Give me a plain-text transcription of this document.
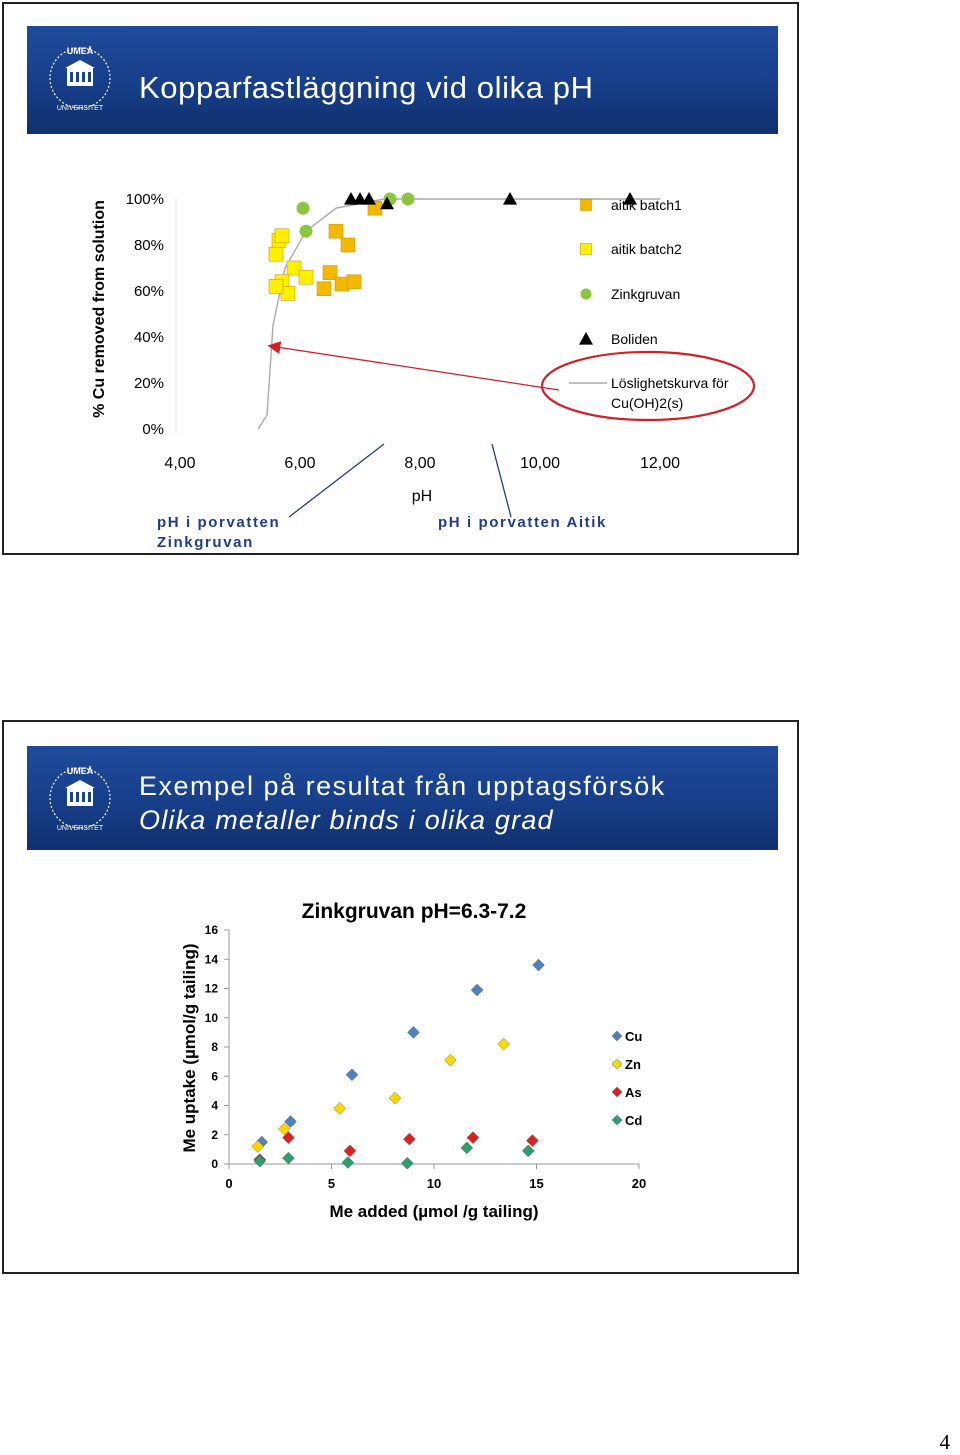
UMEÅ
UNIVERSITET
Kopparfastläggning vid olika pH
% Cu removed from solution
0%
20%
40%
60%
80%
100%
4,00	6,00	8,00	10,00	12,00
pH
aitik batch1
aitik batch2
Zinkgruvan
Boliden
Löslighetskurva för
Cu(OH)2(s)
pH i porvatten
Zinkgruvan
pH i porvatten Aitik
UMEÅ
UNIVERSITET
Exempel på resultat från upptagsförsök
Olika metaller binds i olika grad
Zinkgruvan pH=6.3-7.2
Me uptake (µmol/g tailing)
Me added (µmol /g tailing)
0
2
4
6
8
10
12
14
16
0	5	10	15	20
Cu
Zn
As
Cd
4
